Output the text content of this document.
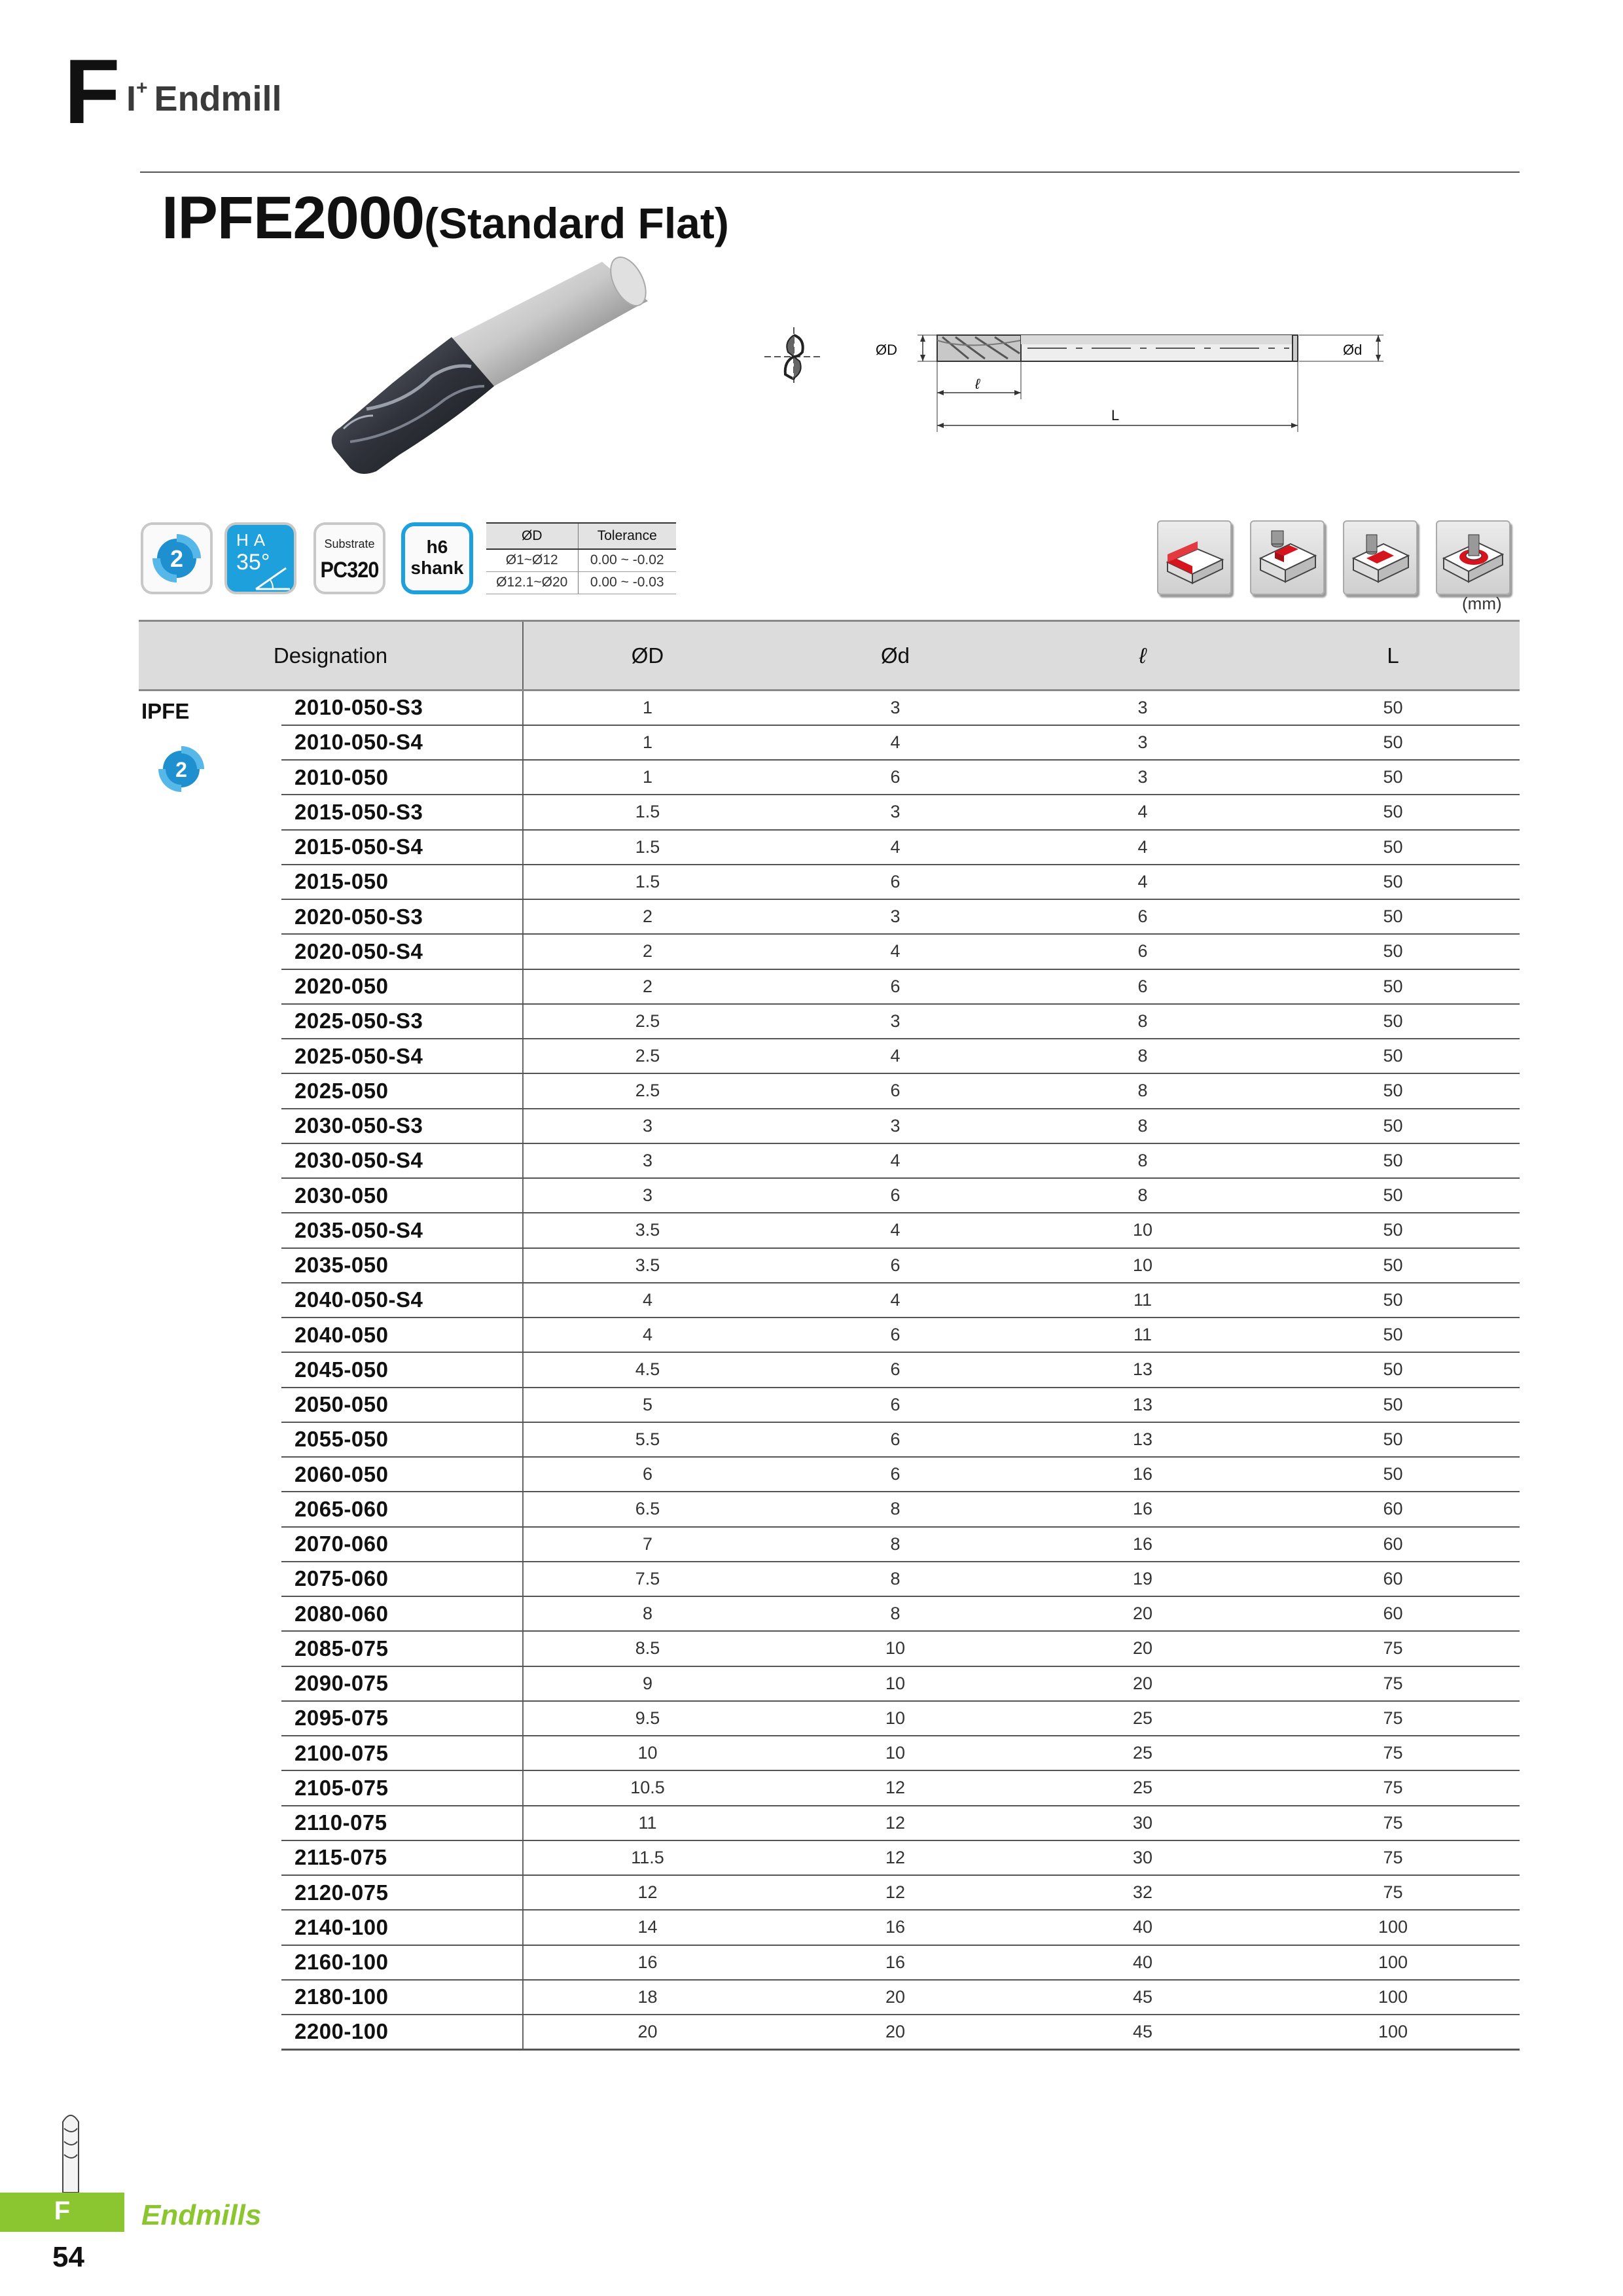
F I+ Endmill
IPFE2000(Standard Flat)
ØD	Ød
ℓ
L
2
HA
35°
Substrate
PC320
h6
shank
ØD	Tolerance
Ø1~Ø12	0.00 ~ -0.02
Ø12.1~Ø20	0.00 ~ -0.03
(mm)
Designation		ØD	Ød	ℓ	L
IPFE
2	2010-050-S3	1	3	3	50
	2010-050-S4	1	4	3	50
	2010-050	1	6	3	50
	2015-050-S3	1.5	3	4	50
	2015-050-S4	1.5	4	4	50
	2015-050	1.5	6	4	50
	2020-050-S3	2	3	6	50
	2020-050-S4	2	4	6	50
	2020-050	2	6	6	50
	2025-050-S3	2.5	3	8	50
	2025-050-S4	2.5	4	8	50
	2025-050	2.5	6	8	50
	2030-050-S3	3	3	8	50
	2030-050-S4	3	4	8	50
	2030-050	3	6	8	50
	2035-050-S4	3.5	4	10	50
	2035-050	3.5	6	10	50
	2040-050-S4	4	4	11	50
	2040-050	4	6	11	50
	2045-050	4.5	6	13	50
	2050-050	5	6	13	50
	2055-050	5.5	6	13	50
	2060-050	6	6	16	50
	2065-060	6.5	8	16	60
	2070-060	7	8	16	60
	2075-060	7.5	8	19	60
	2080-060	8	8	20	60
	2085-075	8.5	10	20	75
	2090-075	9	10	20	75
	2095-075	9.5	10	25	75
	2100-075	10	10	25	75
	2105-075	10.5	12	25	75
	2110-075	11	12	30	75
	2115-075	11.5	12	30	75
	2120-075	12	12	32	75
	2140-100	14	16	40	100
	2160-100	16	16	40	100
	2180-100	18	20	45	100
	2200-100	20	20	45	100
F	Endmills
54
